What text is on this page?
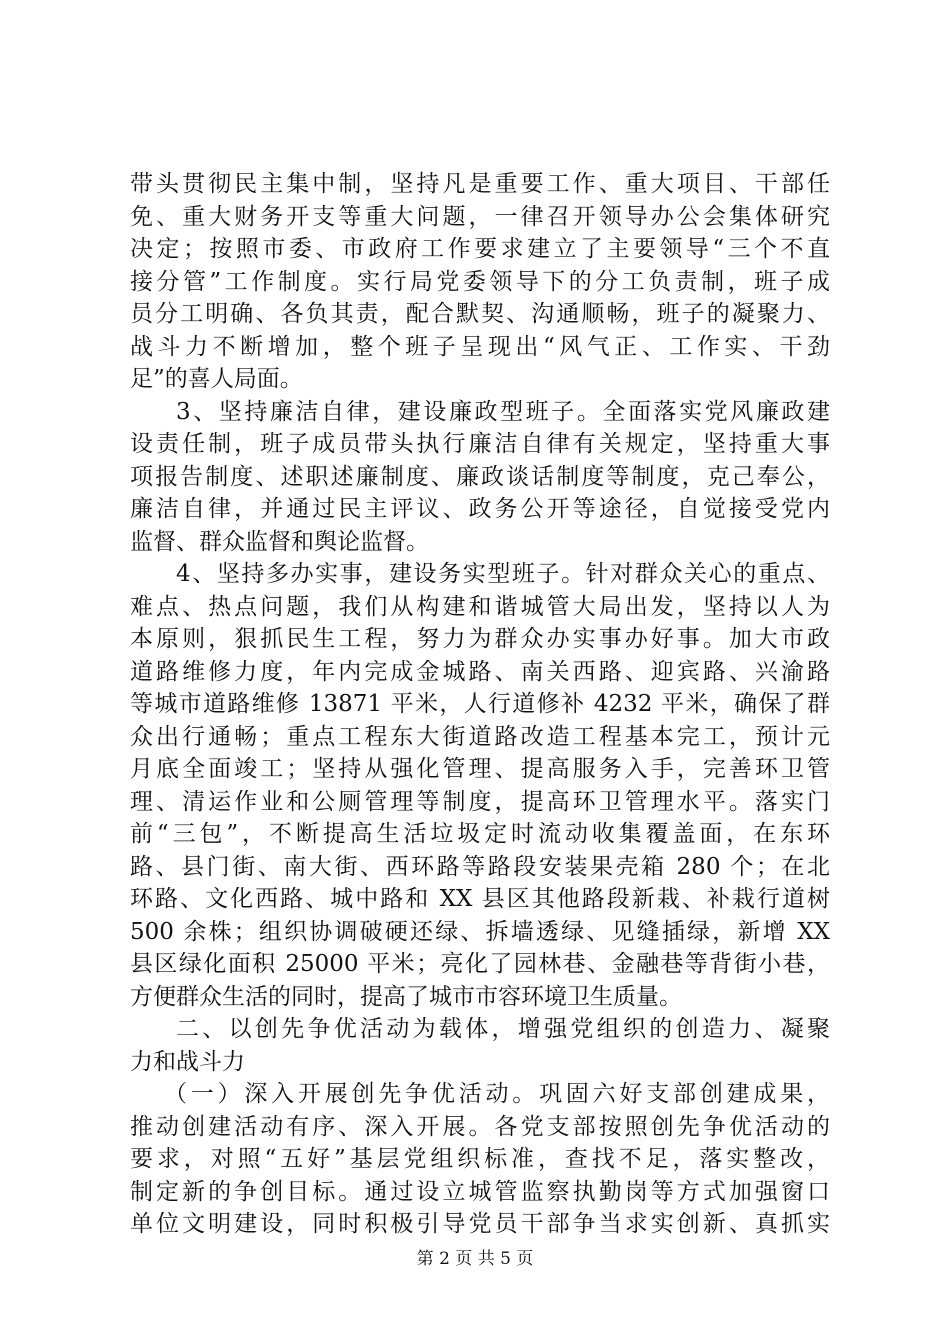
带头贯彻民主集中制，坚持凡是重要工作、重大项目、干部任
免、重大财务开支等重大问题，一律召开领导办公会集体研究
决定；按照市委、市政府工作要求建立了主要领导“三个不直
接分管”工作制度。实行局党委领导下的分工负责制，班子成
员分工明确、各负其责，配合默契、沟通顺畅，班子的凝聚力、
战斗力不断增加，整个班子呈现出“风气正、工作实、干劲
足”的喜人局面。
3、坚持廉洁自律，建设廉政型班子。全面落实党风廉政建
设责任制，班子成员带头执行廉洁自律有关规定，坚持重大事
项报告制度、述职述廉制度、廉政谈话制度等制度，克己奉公，
廉洁自律，并通过民主评议、政务公开等途径，自觉接受党内
监督、群众监督和舆论监督。
4、坚持多办实事，建设务实型班子。针对群众关心的重点、
难点、热点问题，我们从构建和谐城管大局出发，坚持以人为
本原则，狠抓民生工程，努力为群众办实事办好事。加大市政
道路维修力度，年内完成金城路、南关西路、迎宾路、兴渝路
等城市道路维修 13871 平米，人行道修补 4232 平米，确保了群
众出行通畅；重点工程东大街道路改造工程基本完工，预计元
月底全面竣工；坚持从强化管理、提高服务入手，完善环卫管
理、清运作业和公厕管理等制度，提高环卫管理水平。落实门
前“三包”，不断提高生活垃圾定时流动收集覆盖面，在东环
路、县门街、南大街、西环路等路段安装果壳箱 280 个；在北
环路、文化西路、城中路和 XX 县区其他路段新栽、补栽行道树
500 余株；组织协调破硬还绿、拆墙透绿、见缝插绿，新增 XX
县区绿化面积 25000 平米；亮化了园林巷、金融巷等背街小巷，
方便群众生活的同时，提高了城市市容环境卫生质量。
二、以创先争优活动为载体，增强党组织的创造力、凝聚
力和战斗力
（一）深入开展创先争优活动。巩固六好支部创建成果，
推动创建活动有序、深入开展。各党支部按照创先争优活动的
要求，对照“五好”基层党组织标准，查找不足，落实整改，
制定新的争创目标。通过设立城管监察执勤岗等方式加强窗口
单位文明建设，同时积极引导党员干部争当求实创新、真抓实
第 2 页 共 5 页
